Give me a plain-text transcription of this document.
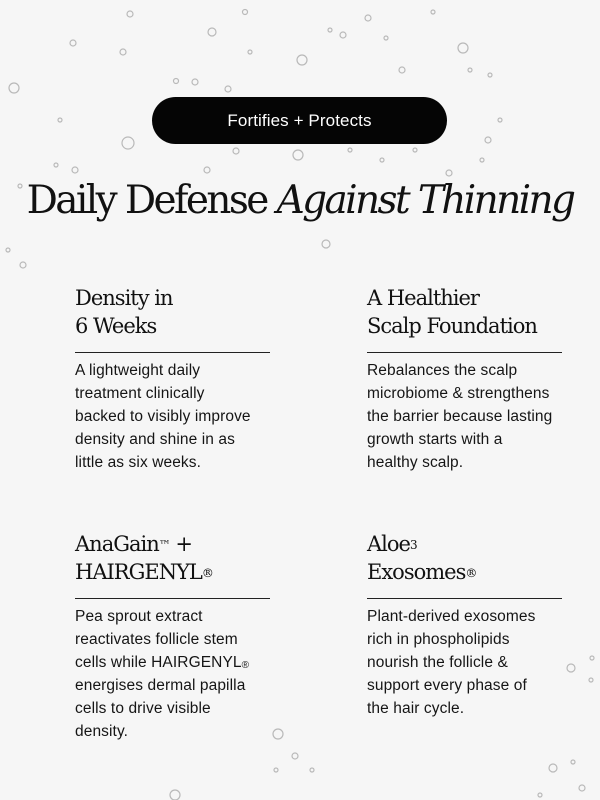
Fortifies + Protects
Daily Defense Against Thinning
Density in
6 Weeks
A lightweight daily
treatment clinically
backed to visibly improve
density and shine in as
little as six weeks.
A Healthier
Scalp Foundation
Rebalances the scalp
microbiome & strengthens
the barrier because lasting
growth starts with a
healthy scalp.
AnaGain™ +
HAIRGENYL®
Pea sprout extract
reactivates follicle stem
cells while HAIRGENYL®
energises dermal papilla
cells to drive visible
density.
Aloe$^3$
Exosomes®
Plant-derived exosomes
rich in phospholipids
nourish the follicle &
support every phase of
the hair cycle.
